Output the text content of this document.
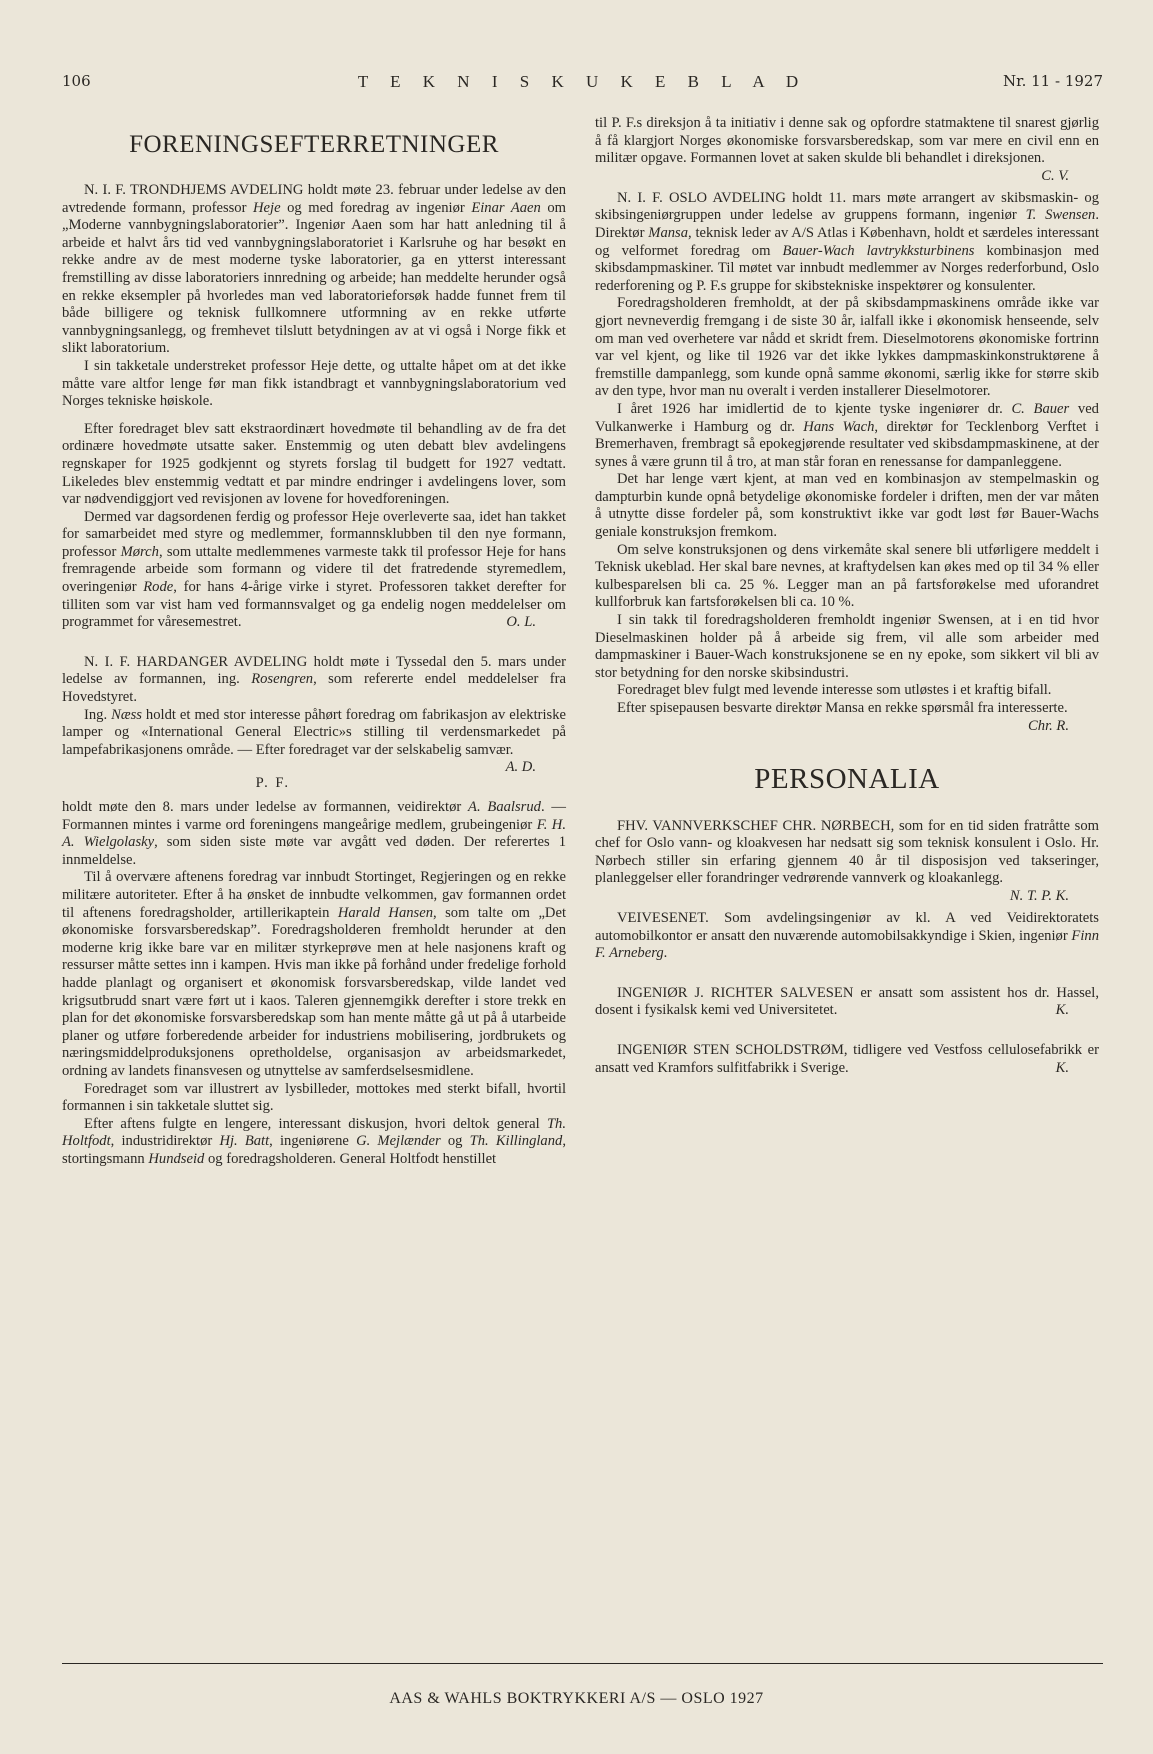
106	T E K N I S K U K E B L A D	Nr. 11 - 1927
FORENINGSEFTERRETNINGER

N. I. F. TRONDHJEMS AVDELING holdt møte 23. februar under ledelse av den avtredende formann, professor Heje og med foredrag av ingeniør Einar Aaen om „Moderne vannbygningslaboratorier”. Ingeniør Aaen som har hatt anledning til å arbeide et halvt års tid ved vannbygningslaboratoriet i Karlsruhe og har besøkt en rekke andre av de mest moderne tyske laboratorier, ga en ytterst interessant fremstilling av disse laboratoriers innredning og arbeide; han meddelte herunder også en rekke eksempler på hvorledes man ved laboratorieforsøk hadde funnet frem til både billigere og teknisk fullkomnere utformning av en rekke utførte vannbygningsanlegg, og fremhevet tilslutt betydningen av at vi også i Norge fikk et slikt laboratorium.

I sin takketale understreket professor Heje dette, og uttalte håpet om at det ikke måtte vare altfor lenge før man fikk istandbragt et vannbygningslaboratorium ved Norges tekniske høiskole.

Efter foredraget blev satt ekstraordinært hovedmøte til behandling av de fra det ordinære hovedmøte utsatte saker. Enstemmig og uten debatt blev avdelingens regnskaper for 1925 godkjennt og styrets forslag til budgett for 1927 vedtatt. Likeledes blev enstemmig vedtatt et par mindre endringer i avdelingens lover, som var nødvendiggjort ved revisjonen av lovene for hovedforeningen.

Dermed var dagsordenen ferdig og professor Heje overleverte saa, idet han takket for samarbeidet med styre og medlemmer, formannsklubben til den nye formann, professor Mørch, som uttalte medlemmenes varmeste takk til professor Heje for hans fremragende arbeide som formann og videre til det fratredende styremedlem, overingeniør Rode, for hans 4-årige virke i styret. Professoren takket derefter for tilliten som var vist ham ved formannsvalget og ga endelig nogen meddelelser om programmet for våresemestret.	O. L.

N. I. F. HARDANGER AVDELING holdt møte i Tyssedal den 5. mars under ledelse av formannen, ing. Rosengren, som refererte endel meddelelser fra Hovedstyret.

Ing. Næss holdt et med stor interesse påhørt foredrag om fabrikasjon av elektriske lamper og «International General Electric»s stilling til verdensmarkedet på lampefabrikasjonens område. — Efter foredraget var der selskabelig samvær.
A. D.

P. F.

holdt møte den 8. mars under ledelse av formannen, veidirektør A. Baalsrud. — Formannen mintes i varme ord foreningens mangeårige medlem, grubeingeniør F. H. A. Wielgolasky, som siden siste møte var avgått ved døden. Der referertes 1 innmeldelse.

Til å overvære aftenens foredrag var innbudt Stortinget, Regjeringen og en rekke militære autoriteter. Efter å ha ønsket de innbudte velkommen, gav formannen ordet til aftenens foredragsholder, artillerikaptein Harald Hansen, som talte om „Det økonomiske forsvarsberedskap”. Foredragsholderen fremholdt herunder at den moderne krig ikke bare var en militær styrkeprøve men at hele nasjonens kraft og ressurser måtte settes inn i kampen. Hvis man ikke på forhånd under fredelige forhold hadde planlagt og organisert et økonomisk forsvarsberedskap, vilde landet ved krigsutbrudd snart være ført ut i kaos. Talеren gjennemgikk derefter i store trekk en plan for det økonomiske forsvarsberedskap som han mente måtte gå ut på å utarbeide planer og utføre forberedende arbeider for industriens mobilisering, jordbrukets og næringsmiddelproduksjonens opretholdelse, organisasjon av arbeidsmarkedet, ordning av landets finansvesen og utnyttelse av samferdselsesmidlene.

Foredraget som var illustrert av lysbilleder, mottokes med sterkt bifall, hvortil formannen i sin takketale sluttet sig.

Efter aftens fulgte en lengere, interessant diskusjon, hvori deltok general Th. Holtfodt, industridirektør Hj. Batt, ingeniørene G. Mejlænder og Th. Killingland, stortingsmann Hundseid og foredragsholderen. General Holtfodt henstillet

til P. F.s direksjon å ta initiativ i denne sak og opfordre statmaktene til snarest gjørlig å få klargjort Norges økonomiske forsvarsberedskap, som var mere en civil enn en militær opgave. Formannen lovet at saken skulde bli behandlet i direksjonen.
C. V.

N. I. F. OSLO AVDELING holdt 11. mars møte arrangert av skibsmaskin- og skibsingeniørgruppen under ledelse av gruppens formann, ingeniør T. Swensen. Direktør Mansa, teknisk leder av A/S Atlas i København, holdt et særdeles interessant og velformet foredrag om Bauer-Wach lavtrykksturbinens kombinasjon med skibsdampmaskiner. Til møtet var innbudt medlemmer av Norges rederforbund, Oslo rederforening og P. F.s gruppe for skibstekniske inspektører og konsulenter.

Foredragsholderen fremholdt, at der på skibsdampmaskinens område ikke var gjort nevneverdig fremgang i de siste 30 år, ialfall ikke i økonomisk henseende, selv om man ved overhetere var nådd et skridt frem. Dieselmotorens økonomiske fortrinn var vel kjent, og like til 1926 var det ikke lykkes dampmaskinkonstruktørene å fremstille dampanlegg, som kunde opnå samme økonomi, særlig ikke for større skib av den type, hvor man nu overalt i verden installerer Dieselmotorer.

I året 1926 har imidlertid de to kjente tyske ingeniører dr. C. Bauer ved Vulkanwerke i Hamburg og dr. Hans Wach, direktør for Tecklenborg Verftet i Bremerhaven, frembragt så epokegjørende resultater ved skibsdampmaskinene, at der synes å være grunn til å tro, at man står foran en renessanse for dampanleggene.

Det har lenge vært kjent, at man ved en kombinasjon av stempelmaskin og dampturbin kunde opnå betydelige økonomiske fordeler i driften, men der var måten å utnytte disse fordeler på, som konstruktivt ikke var godt løst før Bauer-Wachs geniale konstruksjon fremkom.

Om selve konstruksjonen og dens virkemåte skal senere bli utførligere meddelt i Teknisk ukeblad. Her skal bare nevnes, at kraftydelsen kan økes med op til 34 % eller kulbesparelsen bli ca. 25 %. Legger man an på fartsforøkelse med uforandret kullforbruk kan fartsforøkelsen bli ca. 10 %.

I sin takk til foredragsholderen fremholdt ingeniør Swensen, at i en tid hvor Dieselmaskinen holder på å arbeide sig frem, vil alle som arbeider med dampmaskiner i Bauer-Wach konstruksjonene se en ny epoke, som sikkert vil bli av stor betydning for den norske skibsindustri.

Foredraget blev fulgt med levende interesse som utløstes i et kraftig bifall.

Efter spisepausen besvarte direktør Mansa en rekke spørsmål fra interesserte.
Chr. R.

PERSONALIA

FHV. VANNVERKSCHEF CHR. NØRBECH, som for en tid siden fratråtte som chef for Oslo vann- og kloakvesen har nedsatt sig som teknisk konsulent i Oslo. Hr. Nørbech stiller sin erfaring gjennem 40 år til disposisjon ved takseringer, planleggelser eller forandringer vedrørende vannverk og kloakanlegg.
N. T. P. K.

VEIVESENET. Som avdelingsingeniør av kl. A ved Veidirektoratets automobilkontor er ansatt den nuværende automobilsakkyndige i Skien, ingeniør Finn F. Arneberg.

INGENIØR J. RICHTER SALVESEN er ansatt som assistent hos dr. Hassel, dosent i fysikalsk kemi ved Universitetet.	K.

INGENIØR STEN SCHOLDSTRØM, tidligere ved Vestfoss cellulosefabrikk er ansatt ved Kramfors sulfitfabrikk i Sverige.	K.

AAS & WAHLS BOKTRYKKERI A/S — OSLO 1927
